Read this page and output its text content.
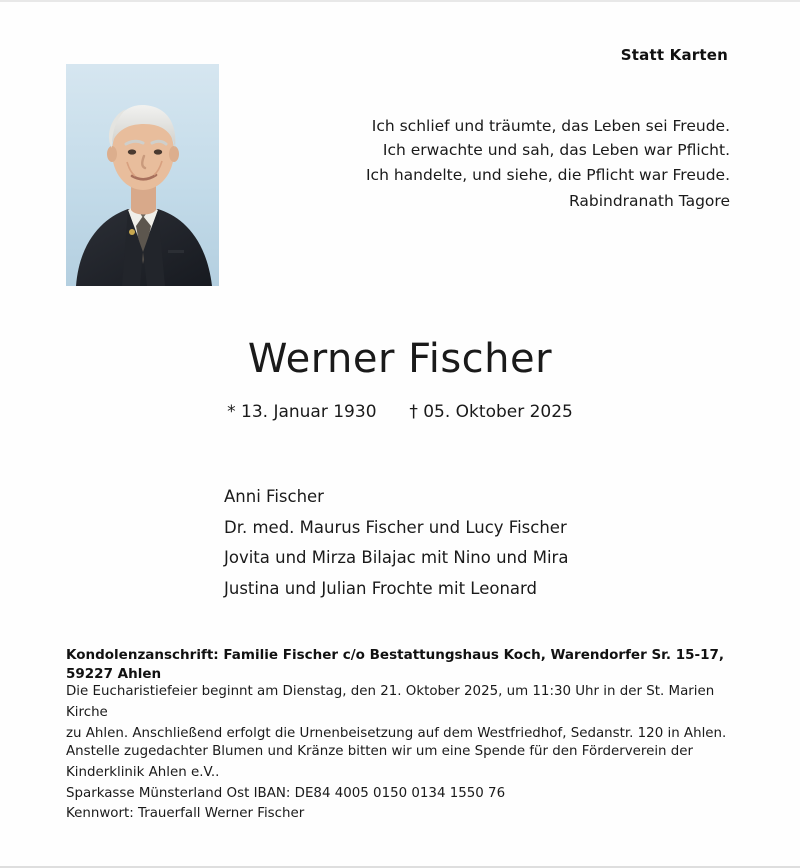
Statt Karten
Ich schlief und träumte, das Leben sei Freude.
Ich erwachte und sah, das Leben war Pflicht.
Ich handelte, und siehe, die Pflicht war Freude.
Rabindranath Tagore
Werner Fischer
* 13. Januar 1930 † 05. Oktober 2025
Anni Fischer
Dr. med. Maurus Fischer und Lucy Fischer
Jovita und Mirza Bilajac mit Nino und Mira
Justina und Julian Frochte mit Leonard
Kondolenzanschrift: Familie Fischer c/o Bestattungshaus Koch, Warendorfer Sr. 15-17, 59227 Ahlen
Die Eucharistiefeier beginnt am Dienstag, den 21. Oktober 2025, um 11:30 Uhr in der St. Marien Kirche
zu Ahlen. Anschließend erfolgt die Urnenbeisetzung auf dem Westfriedhof, Sedanstr. 120 in Ahlen.
Anstelle zugedachter Blumen und Kränze bitten wir um eine Spende für den Förderverein der
Kinderklinik Ahlen e.V..
Sparkasse Münsterland Ost IBAN: DE84 4005 0150 0134 1550 76
Kennwort: Trauerfall Werner Fischer
